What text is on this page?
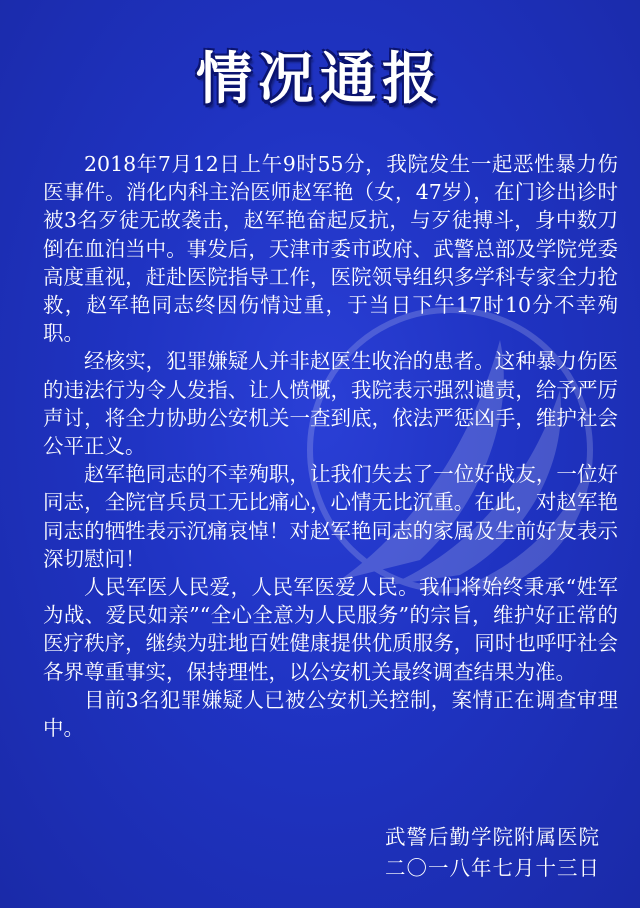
情况通报

2018年7月12日上午9时55分，我院发生一起恶性暴力伤医事件。消化内科主治医师赵军艳（女，47岁），在门诊出诊时被3名歹徒无故袭击，赵军艳奋起反抗，与歹徒搏斗，身中数刀倒在血泊当中。事发后，天津市委市政府、武警总部及学院党委高度重视，赶赴医院指导工作，医院领导组织多学科专家全力抢救，赵军艳同志终因伤情过重，于当日下午17时10分不幸殉职。

经核实，犯罪嫌疑人并非赵医生收治的患者。这种暴力伤医的违法行为令人发指、让人愤慨，我院表示强烈谴责，给予严厉声讨，将全力协助公安机关一查到底，依法严惩凶手，维护社会公平正义。

赵军艳同志的不幸殉职，让我们失去了一位好战友，一位好同志，全院官兵员工无比痛心，心情无比沉重。在此，对赵军艳同志的牺牲表示沉痛哀悼！对赵军艳同志的家属及生前好友表示深切慰问！

人民军医人民爱，人民军医爱人民。我们将始终秉承“姓军为战、爱民如亲”“全心全意为人民服务”的宗旨，维护好正常的医疗秩序，继续为驻地百姓健康提供优质服务，同时也呼吁社会各界尊重事实，保持理性，以公安机关最终调查结果为准。

目前3名犯罪嫌疑人已被公安机关控制，案情正在调查审理中。

武警后勤学院附属医院
二〇一八年七月十三日
